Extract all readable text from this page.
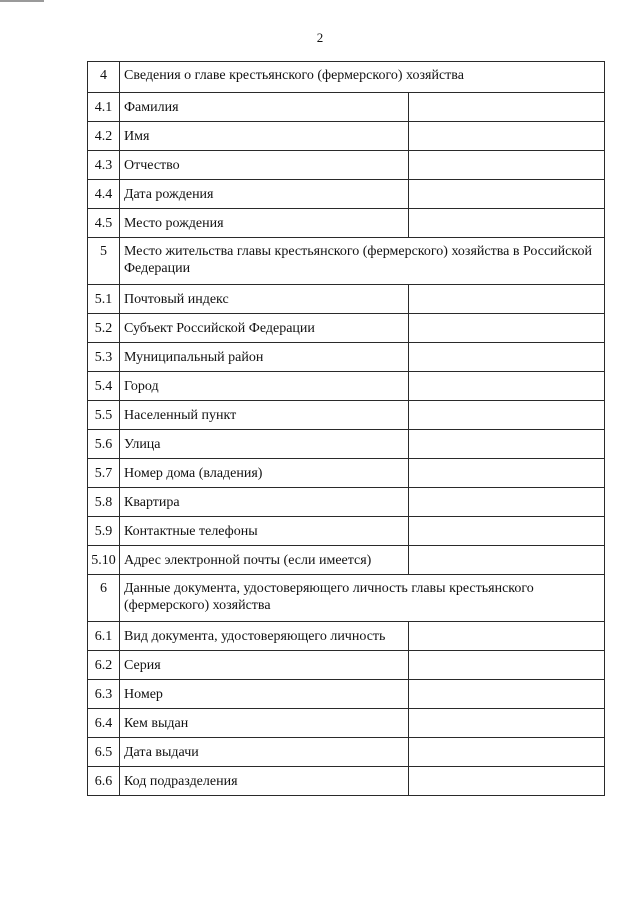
2
4	Сведения о главе крестьянского (фермерского) хозяйства	
4.1	Фамилия	
4.2	Имя	
4.3	Отчество	
4.4	Дата рождения	
4.5	Место рождения	
5	Место жительства главы крестьянского (фермерского) хозяйства в Российской Федерации	
5.1	Почтовый индекс	
5.2	Субъект Российской Федерации	
5.3	Муниципальный район	
5.4	Город	
5.5	Населенный пункт	
5.6	Улица	
5.7	Номер дома (владения)	
5.8	Квартира	
5.9	Контактные телефоны	
5.10	Адрес электронной почты (если имеется)	
6	Данные документа, удостоверяющего личность главы крестьянского (фермерского) хозяйства	
6.1	Вид документа, удостоверяющего личность	
6.2	Серия	
6.3	Номер	
6.4	Кем выдан	
6.5	Дата выдачи	
6.6	Код подразделения	
